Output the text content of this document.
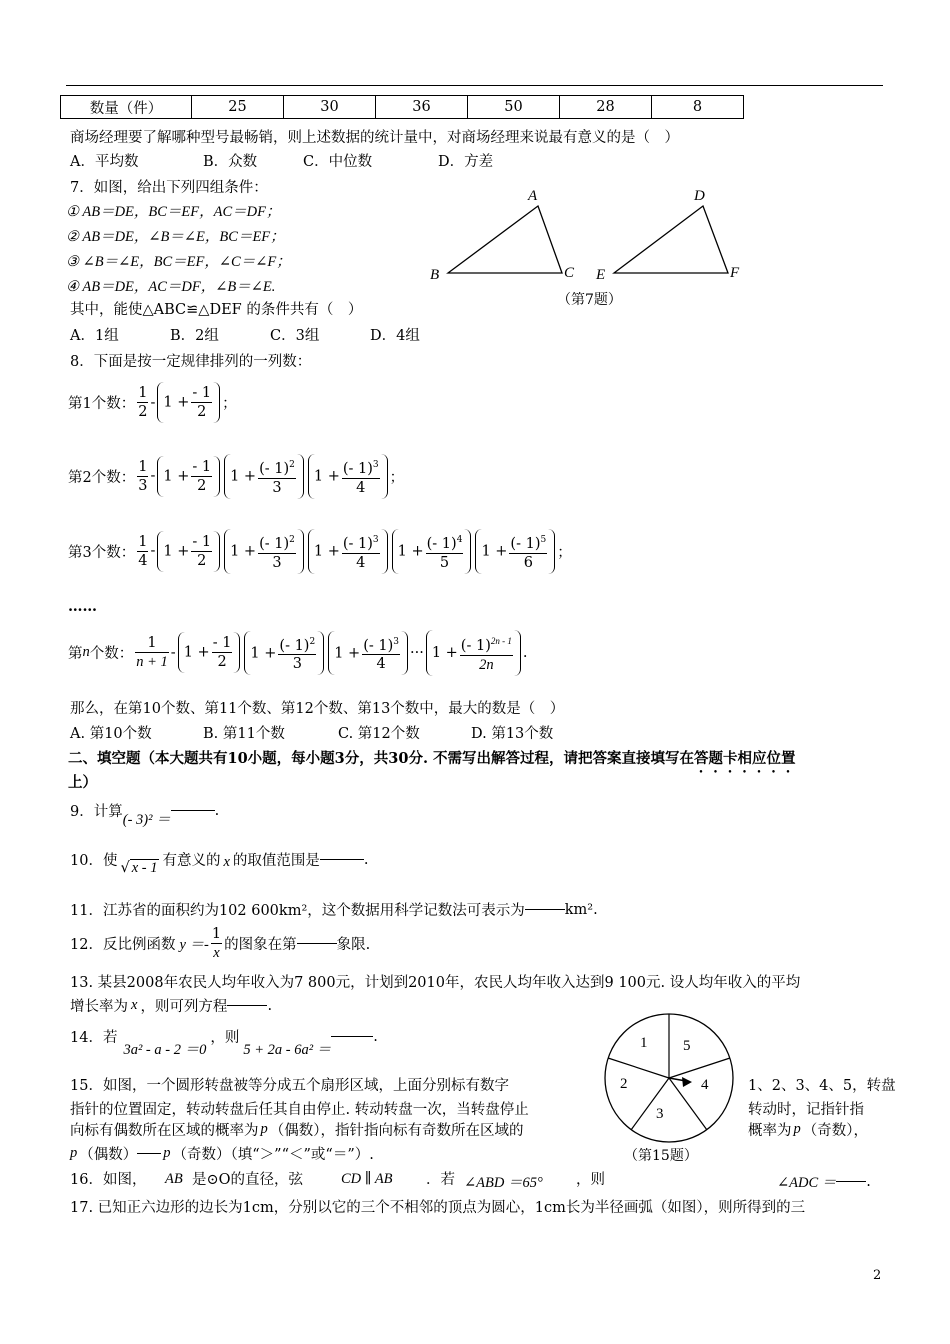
数量（件）	25	30	36	50	28	8
商场经理要了解哪种型号最畅销，则上述数据的统计量中，对商场经理来说最有意义的是（　）
A．平均数	B．众数	C．中位数	D．方差
7．如图，给出下列四组条件：
① AB＝DE，BC＝EF，AC＝DF；
② AB＝DE，∠B＝∠E，BC＝EF；
③ ∠B＝∠E，BC＝EF，∠C＝∠F；
④ AB＝DE，AC＝DF，∠B＝∠E.
其中，能使△ABC≌△DEF 的条件共有（　）
A．1组	B．2组	C．3组	D．4组
A
B	C
D
E	F
（第7题）
8．下面是按一定规律排列的一列数：
第1个数： $\frac{1}{2} - 1 + \frac{- 1}{2}$ ；
第2个数： $\frac{1}{3} - 1 + \frac{- 1}{2}$	$1 + \frac{(- 1)^2}{3}$	$1 + \frac{(- 1)^3}{4}$ ；
第3个数： $\frac{1}{4} - 1 + \frac{- 1}{2}$	$1 + \frac{(- 1)^2}{3}$	$1 + \frac{(- 1)^3}{4}$	$1 + \frac{(- 1)^4}{5}$	$1 + \frac{(- 1)^5}{6}$ ；
……
第 n 个数： $\frac{1}{n + 1} - 1 + \frac{- 1}{2}$	$1 + \frac{(- 1)^2}{3}$	$1 + \frac{(- 1)^3}{4}$ ··· $1 + \frac{(- 1)^{2n - 1}}{2n}$ .
那么，在第10个数、第11个数、第12个数、第13个数中，最大的数是（　）
A. 第10个数	B. 第11个数	C. 第12个数	D. 第13个数
二、填空题（本大题共有10小题，每小题3分，共30分. 不需写出解答过程，请把答案直接填写在答题卡相应位置
上）
9．计算 (- 3)² ＝
.
10．使 √ x - 1 有意义的 x 的取值范围是	.
11．江苏省的面积约为102 600km²，这个数据用科学记数法可表示为	km².
12．反比例函数 $y =- \frac{1}{x}$ 的图象在第	象限.
13. 某县2008年农民人均年收入为7 800元，计划到2010年，农民人均年收入达到9 100元. 设人均年收入的平均
增长率为 x ，则可列方程	.
14．若
3a² - a - 2 ＝0
，则
5 + 2a - 6a² ＝
.
15．如图，一个圆形转盘被等分成五个扇形区域，上面分别标有数字	1、2、3、4、5，转盘
指针的位置固定，转动转盘后任其自由停止. 转动转盘一次，当转盘停止	转动时，记指针指
向标有偶数所在区域的概率为 p （偶数），指针指向标有奇数所在区域的	概率为 p （奇数），
p （偶数） p （奇数）（填“＞”“＜”或“＝”）.
1 5
2	4
3
（第15题）
16．如图， AB 是⊙O的直径，弦	CD ∥ AB ．若 ∠ABD ＝65° ，则	∠ADC ＝ .
17. 已知正六边形的边长为1cm，分别以它的三个不相邻的顶点为圆心，1cm长为半径画弧（如图），则所得到的三
2
